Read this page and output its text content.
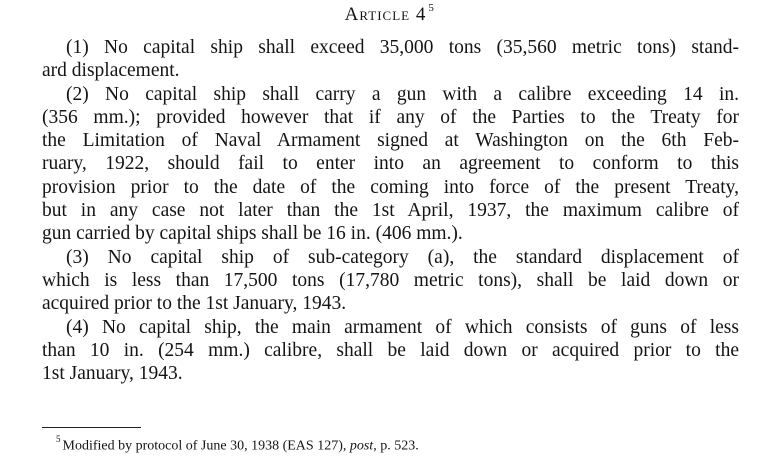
Article 4 $^5$
(1) No capital ship shall exceed 35,000 tons (35,560 metric tons) stand-
ard displacement.
(2) No capital ship shall carry a gun with a calibre exceeding 14 in.
(356 mm.); provided however that if any of the Parties to the Treaty for
the Limitation of Naval Armament signed at Washington on the 6th Feb-
ruary, 1922, should fail to enter into an agreement to conform to this
provision prior to the date of the coming into force of the present Treaty,
but in any case not later than the 1st April, 1937, the maximum calibre of
gun carried by capital ships shall be 16 in. (406 mm.).
(3) No capital ship of sub-category (a), the standard displacement of
which is less than 17,500 tons (17,780 metric tons), shall be laid down or
acquired prior to the 1st January, 1943.
(4) No capital ship, the main armament of which consists of guns of less
than 10 in. (254 mm.) calibre, shall be laid down or acquired prior to the
1st January, 1943.
$^5$ Modified by protocol of June 30, 1938 (EAS 127), post, p. 523.
